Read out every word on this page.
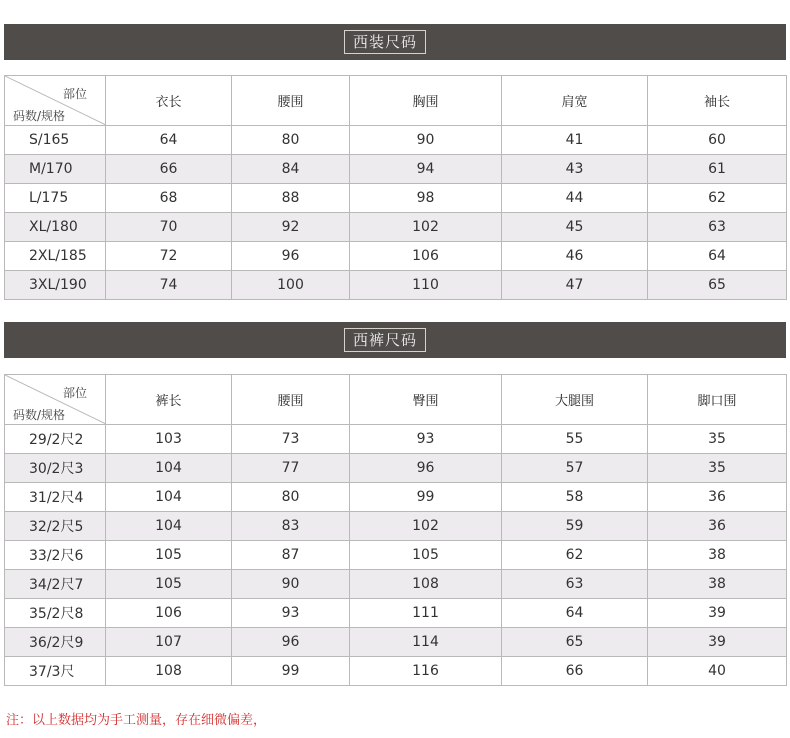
西装尺码
部位
码数/规格	衣长	腰围	胸围	肩宽	袖长
S/165	64	80	90	41	60
M/170	66	84	94	43	61
L/175	68	88	98	44	62
XL/180	70	92	102	45	63
2XL/185	72	96	106	46	64
3XL/190	74	100	110	47	65
西裤尺码
部位
码数/规格	裤长	腰围	臀围	大腿围	脚口围
29/2尺2	103	73	93	55	35
30/2尺3	104	77	96	57	35
31/2尺4	104	80	99	58	36
32/2尺5	104	83	102	59	36
33/2尺6	105	87	105	62	38
34/2尺7	105	90	108	63	38
35/2尺8	106	93	111	64	39
36/2尺9	107	96	114	65	39
37/3尺	108	99	116	66	40
注：以上数据均为手工测量，存在细微偏差，
